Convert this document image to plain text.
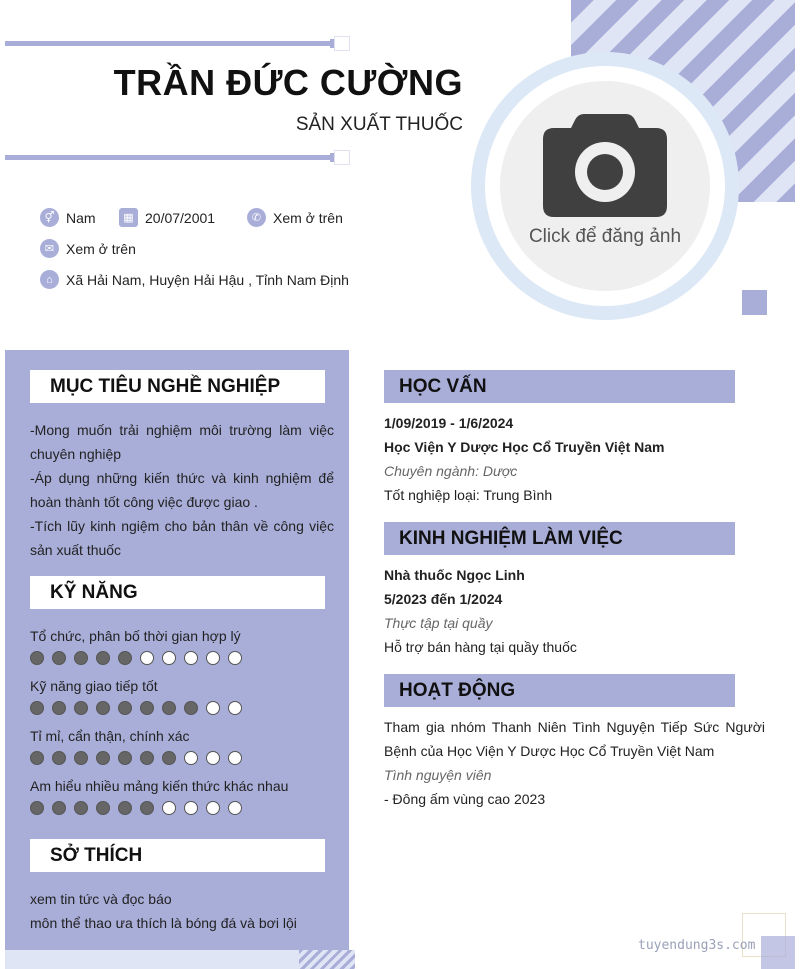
TRẦN ĐỨC CƯỜNG
SẢN XUẤT THUỐC
Click để đăng ảnh
⚥ Nam	▦ 20/07/2001	✆ Xem ở trên
✉ Xem ở trên
⌂ Xã Hải Nam, Huyện Hải Hậu , Tỉnh Nam Định
MỤC TIÊU NGHỀ NGHIỆP
-Mong muốn trải nghiệm môi trường làm việc chuyên nghiệp
-Áp dụng những kiến thức và kinh nghiệm để hoàn thành tốt công việc được giao .
-Tích lũy kinh ngiệm cho bản thân về công việc sản xuất thuốc
KỸ NĂNG
Tổ chức, phân bố thời gian hợp lý
Kỹ năng giao tiếp tốt
Tỉ mỉ, cẩn thận, chính xác
Am hiểu nhiều mảng kiến thức khác nhau
SỞ THÍCH
xem tin tức và đọc báo
môn thể thao ưa thích là bóng đá và bơi lội
HỌC VẤN
1/09/2019 - 1/6/2024
Học Viện Y Dược Học Cổ Truyền Việt Nam
Chuyên ngành: Dược
Tốt nghiệp loại: Trung Bình
KINH NGHIỆM LÀM VIỆC
Nhà thuốc Ngọc Linh
5/2023 đến 1/2024
Thực tập tại quầy
Hỗ trợ bán hàng tại quầy thuốc
HOẠT ĐỘNG
Tham gia nhóm Thanh Niên Tình Nguyện Tiếp Sức Người Bệnh của Học Viện Y Dược Học Cổ Truyền Việt Nam
Tình nguyện viên
- Đông ấm vùng cao 2023
tuyendung3s.com
